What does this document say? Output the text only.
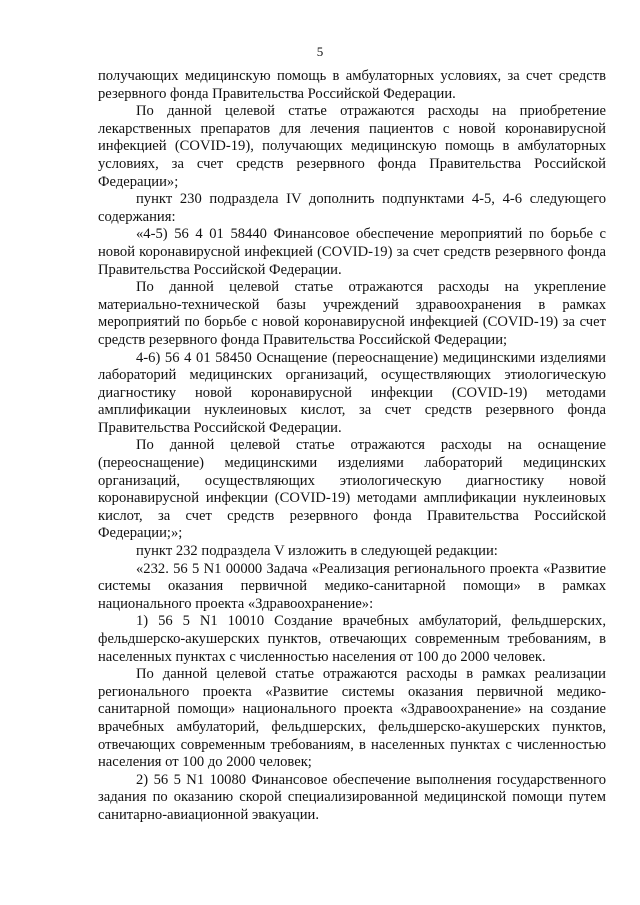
5

получающих медицинскую помощь в амбулаторных условиях, за счет средств резервного фонда Правительства Российской Федерации.

По данной целевой статье отражаются расходы на приобретение лекарственных препаратов для лечения пациентов с новой коронавирусной инфекцией (COVID-19), получающих медицинскую помощь в амбулаторных условиях, за счет средств резервного фонда Правительства Российской Федерации»;

пункт 230 подраздела IV дополнить подпунктами 4-5, 4-6 следующего содержания:

«4-5) 56 4 01 58440 Финансовое обеспечение мероприятий по борьбе с новой коронавирусной инфекцией (COVID-19) за счет средств резервного фонда Правительства Российской Федерации.

По данной целевой статье отражаются расходы на укрепление материально-технической базы учреждений здравоохранения в рамках мероприятий по борьбе с новой коронавирусной инфекцией (COVID-19) за счет средств резервного фонда Правительства Российской Федерации;

4-6) 56 4 01 58450 Оснащение (переоснащение) медицинскими изделиями лабораторий медицинских организаций, осуществляющих этиологическую диагностику новой коронавирусной инфекции (COVID-19) методами амплификации нуклеиновых кислот, за счет средств резервного фонда Правительства Российской Федерации.

По данной целевой статье отражаются расходы на оснащение (переоснащение) медицинскими изделиями лабораторий медицинских организаций, осуществляющих этиологическую диагностику новой коронавирусной инфекции (COVID-19) методами амплификации нуклеиновых кислот, за счет средств резервного фонда Правительства Российской Федерации;»;

пункт 232 подраздела V изложить в следующей редакции:

«232. 56 5 N1 00000 Задача «Реализация регионального проекта «Развитие системы оказания первичной медико-санитарной помощи» в рамках национального проекта «Здравоохранение»:

1) 56 5 N1 10010 Создание врачебных амбулаторий, фельдшерских, фельдшерско-акушерских пунктов, отвечающих современным требованиям, в населенных пунктах с численностью населения от 100 до 2000 человек.

По данной целевой статье отражаются расходы в рамках реализации регионального проекта «Развитие системы оказания первичной медико-санитарной помощи» национального проекта «Здравоохранение» на создание врачебных амбулаторий, фельдшерских, фельдшерско-акушерских пунктов, отвечающих современным требованиям, в населенных пунктах с численностью населения от 100 до 2000 человек;

2) 56 5 N1 10080 Финансовое обеспечение выполнения государственного задания по оказанию скорой специализированной медицинской помощи путем санитарно-авиационной эвакуации.
